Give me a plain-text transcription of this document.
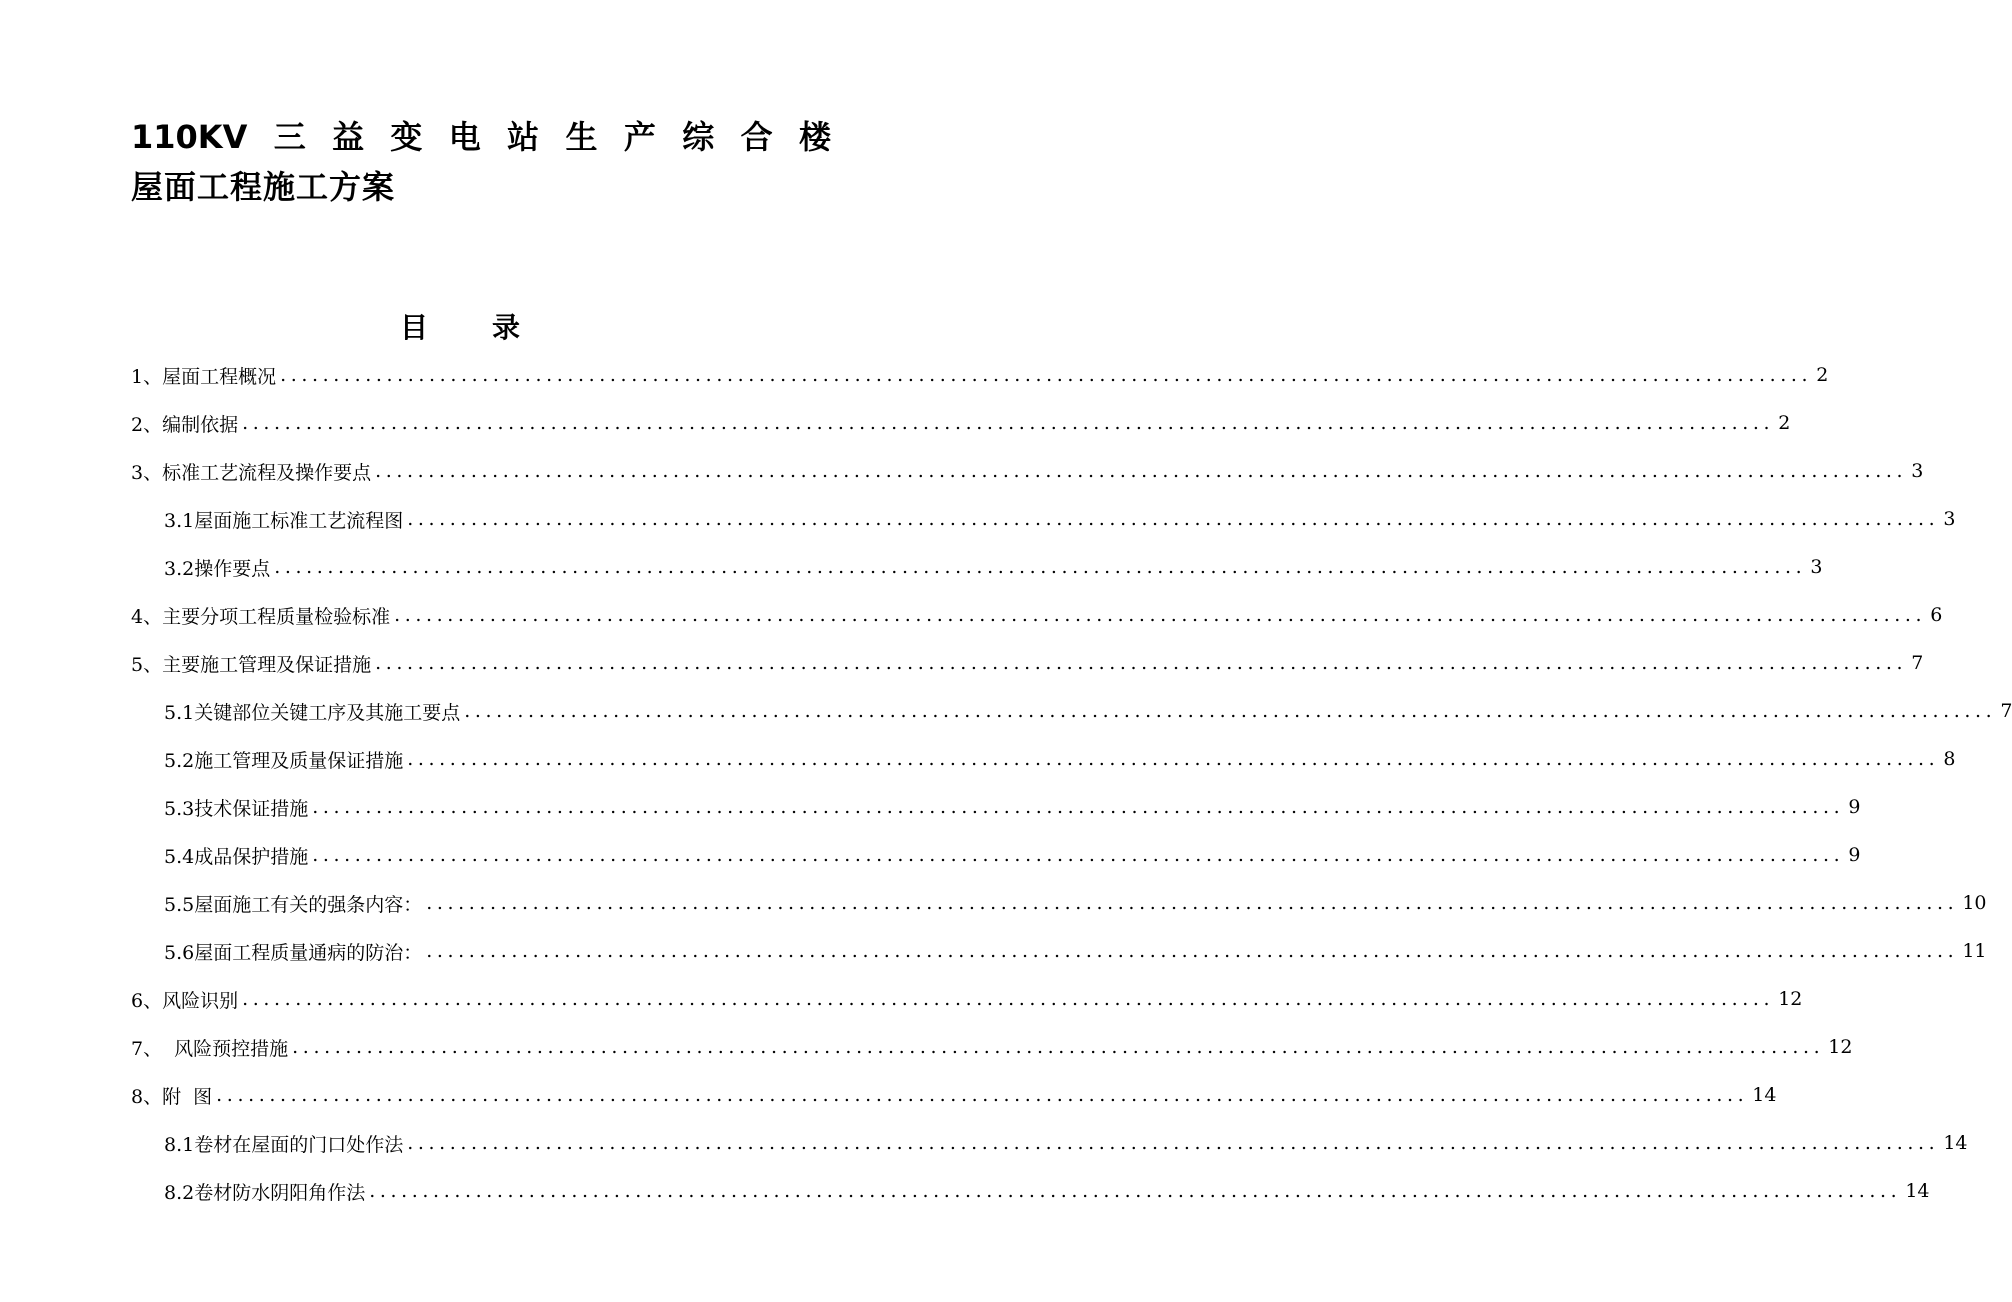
110KV 三 益 变 电 站 生 产 综 合 楼
屋面工程施工方案
目 录
1、屋面工程概况 ................................................................................................................................................ 2
2、编制依据 ................................................................................................................................................ 2
3、标准工艺流程及操作要点 ................................................................................................................................................ 3
3.1屋面施工标准工艺流程图 ................................................................................................................................................ 3
3.2操作要点 ................................................................................................................................................ 3
4、主要分项工程质量检验标准 ................................................................................................................................................ 6
5、主要施工管理及保证措施 ................................................................................................................................................ 7
5.1关键部位关键工序及其施工要点 ................................................................................................................................................ 7
5.2施工管理及质量保证措施 ................................................................................................................................................ 8
5.3技术保证措施 ................................................................................................................................................ 9
5.4成品保护措施 ................................................................................................................................................ 9
5.5屋面施工有关的强条内容： ................................................................................................................................................ 10
5.6屋面工程质量通病的防治： ................................................................................................................................................ 11
6、风险识别 ................................................................................................................................................ 12
7、  风险预控措施 ................................................................................................................................................ 12
8、附  图 ................................................................................................................................................ 14
8.1卷材在屋面的门口处作法 ................................................................................................................................................ 14
8.2卷材防水阴阳角作法 ................................................................................................................................................ 14
